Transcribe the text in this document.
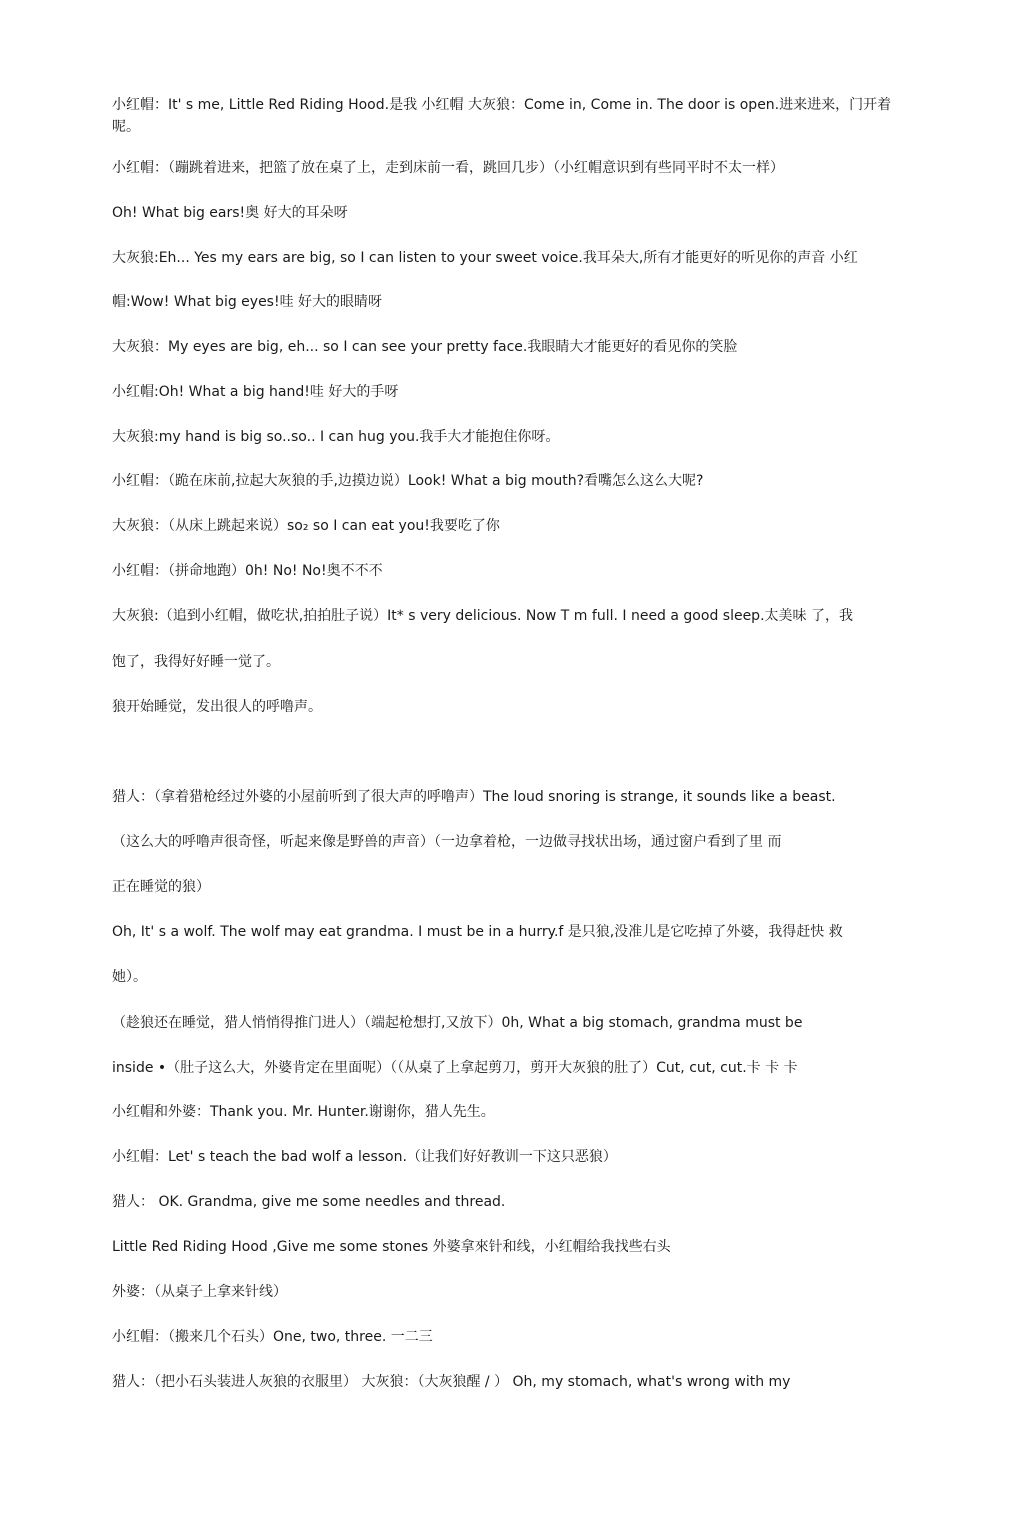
小红帽：It' s me, Little Red Riding Hood.是我 小红帽 大灰狼：Come in, Come in. The door is open.进来进来，门开着呢。
小红帽：（蹦跳着进来，把篮了放在桌了上，走到床前一看，跳回几步）（小红帽意识到有些同平时不太一样）
Oh! What big ears!奥 好大的耳朵呀
大灰狼:Eh... Yes my ears are big, so I can listen to your sweet voice.我耳朵大,所有才能更好的听见你的声音 小红
帽:Wow! What big eyes!哇 好大的眼睛呀
大灰狼：My eyes are big, eh... so I can see your pretty face.我眼睛大才能更好的看见你的笑脸
小红帽:Oh! What a big hand!哇 好大的手呀
大灰狼:my hand is big so..so.. I can hug you.我手大才能抱住你呀。
小红帽：（跪在床前,拉起大灰狼的手,边摸边说）Look! What a big mouth?看嘴怎么这么大呢?
大灰狼：（从床上跳起来说）so₂ so I can eat you!我要吃了你
小红帽：（拼命地跑）0h! No! No!奥不不不
大灰狼:（追到小红帽，做吃状,拍拍肚子说）It* s very delicious. Now T m full. I need a good sleep.太美味 了，我
饱了，我得好好睡一觉了。
狼开始睡觉，发出很人的呼噜声。
猎人：（拿着猎枪经过外婆的小屋前听到了很大声的呼噜声）The loud snoring is strange, it sounds like a beast.
（这么大的呼噜声很奇怪，听起来像是野兽的声音）（一边拿着枪，一边做寻找状出场，通过窗户看到了里 而
正在睡觉的狼）
Oh, It' s a wolf. The wolf may eat grandma. I must be in a hurry.f 是只狼,没准儿是它吃掉了外婆，我得赶快 救
她）。
（趁狼还在睡觉，猎人悄悄得推门进人）（端起枪想打,又放下）0h, What a big stomach, grandma must be
inside •（肚子这么大，外婆肯定在里面呢）（（从桌了上拿起剪刀，剪开大灰狼的肚了）Cut, cut, cut.卡 卡 卡
小红帽和外婆：Thank you. Mr. Hunter.谢谢你，猎人先生。
小红帽：Let' s teach the bad wolf a lesson.（让我们好好教训一下这只恶狼）
猎人： OK. Grandma, give me some needles and thread.
Little Red Riding Hood ,Give me some stones 外婆拿來针和线，小红帽给我找些右头
外婆：（从桌子上拿来针线）
小红帽：（搬来几个石头）One, two, three. 一二三
猎人：（把小石头装进人灰狼的衣服里） 大灰狼：（大灰狼醒 / ） Oh, my stomach, what's wrong with my
